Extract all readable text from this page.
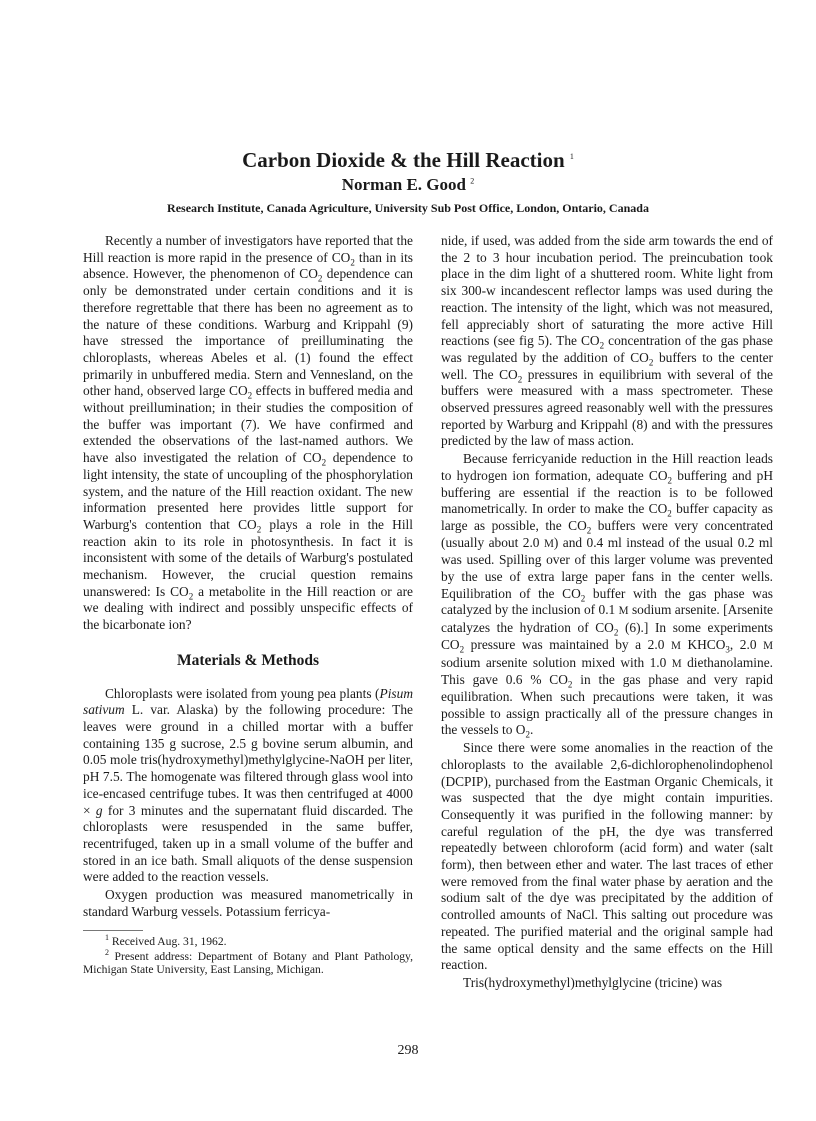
Carbon Dioxide & the Hill Reaction $^1$
Norman E. Good $^2$
Research Institute, Canada Agriculture, University Sub Post Office, London, Ontario, Canada

Recently a number of investigators have reported that the Hill reaction is more rapid in the presence of $CO_2$ than in its absence. However, the phenomenon of $CO_2$ dependence can only be demonstrated under certain conditions and it is therefore regrettable that there has been no agreement as to the nature of these conditions. Warburg and Krippahl (9) have stressed the importance of preilluminating the chloroplasts, whereas Abeles et al. (1) found the effect primarily in unbuffered media. Stern and Vennesland, on the other hand, observed large $CO_2$ effects in buffered media and without preillumination; in their studies the composition of the buffer was important (7). We have confirmed and extended the observations of the last-named authors. We have also investigated the relation of $CO_2$ dependence to light intensity, the state of uncoupling of the phosphorylation system, and the nature of the Hill reaction oxidant. The new information presented here provides little support for Warburg's contention that $CO_2$ plays a role in the Hill reaction akin to its role in photosynthesis. In fact it is inconsistent with some of the details of Warburg's postulated mechanism. However, the crucial question remains unanswered: Is $CO_2$ a metabolite in the Hill reaction or are we dealing with indirect and possibly unspecific effects of the bicarbonate ion?

Materials & Methods

Chloroplasts were isolated from young pea plants (Pisum sativum L. var. Alaska) by the following procedure: The leaves were ground in a chilled mortar with a buffer containing 135 g sucrose, 2.5 g bovine serum albumin, and 0.05 mole tris(hydroxymethyl)methylglycine-NaOH per liter, pH 7.5. The homogenate was filtered through glass wool into ice-encased centrifuge tubes. It was then centrifuged at 4000 × g for 3 minutes and the supernatant fluid discarded. The chloroplasts were resuspended in the same buffer, recentrifuged, taken up in a small volume of the buffer and stored in an ice bath. Small aliquots of the dense suspension were added to the reaction vessels.

Oxygen production was measured manometrically in standard Warburg vessels. Potassium ferricya-

$^1$ Received Aug. 31, 1962.

$^2$ Present address: Department of Botany and Plant Pathology, Michigan State University, East Lansing, Michigan.

nide, if used, was added from the side arm towards the end of the 2 to 3 hour incubation period. The preincubation took place in the dim light of a shuttered room. White light from six 300-w incandescent reflector lamps was used during the reaction. The intensity of the light, which was not measured, fell appreciably short of saturating the more active Hill reactions (see fig 5). The $CO_2$ concentration of the gas phase was regulated by the addition of $CO_2$ buffers to the center well. The $CO_2$ pressures in equilibrium with several of the buffers were measured with a mass spectrometer. These observed pressures agreed reasonably well with the pressures reported by Warburg and Krippahl (8) and with the pressures predicted by the law of mass action.

Because ferricyanide reduction in the Hill reaction leads to hydrogen ion formation, adequate $CO_2$ buffering and pH buffering are essential if the reaction is to be followed manometrically. In order to make the $CO_2$ buffer capacity as large as possible, the $CO_2$ buffers were very concentrated (usually about 2.0 M) and 0.4 ml instead of the usual 0.2 ml was used. Spilling over of this larger volume was prevented by the use of extra large paper fans in the center wells. Equilibration of the $CO_2$ buffer with the gas phase was catalyzed by the inclusion of 0.1 M sodium arsenite. [Arsenite catalyzes the hydration of $CO_2$ (6).] In some experiments $CO_2$ pressure was maintained by a 2.0 M $KHCO_3$, 2.0 M sodium arsenite solution mixed with 1.0 M diethanolamine. This gave 0.6 % $CO_2$ in the gas phase and very rapid equilibration. When such precautions were taken, it was possible to assign practically all of the pressure changes in the vessels to $O_2$.

Since there were some anomalies in the reaction of the chloroplasts to the available 2,6-dichlorophenolindophenol (DCPIP), purchased from the Eastman Organic Chemicals, it was suspected that the dye might contain impurities. Consequently it was purified in the following manner: by careful regulation of the pH, the dye was transferred repeatedly between chloroform (acid form) and water (salt form), then between ether and water. The last traces of ether were removed from the final water phase by aeration and the sodium salt of the dye was precipitated by the addition of controlled amounts of NaCl. This salting out procedure was repeated. The purified material and the original sample had the same optical density and the same effects on the Hill reaction.

Tris(hydroxymethyl)methylglycine (tricine) was

298
